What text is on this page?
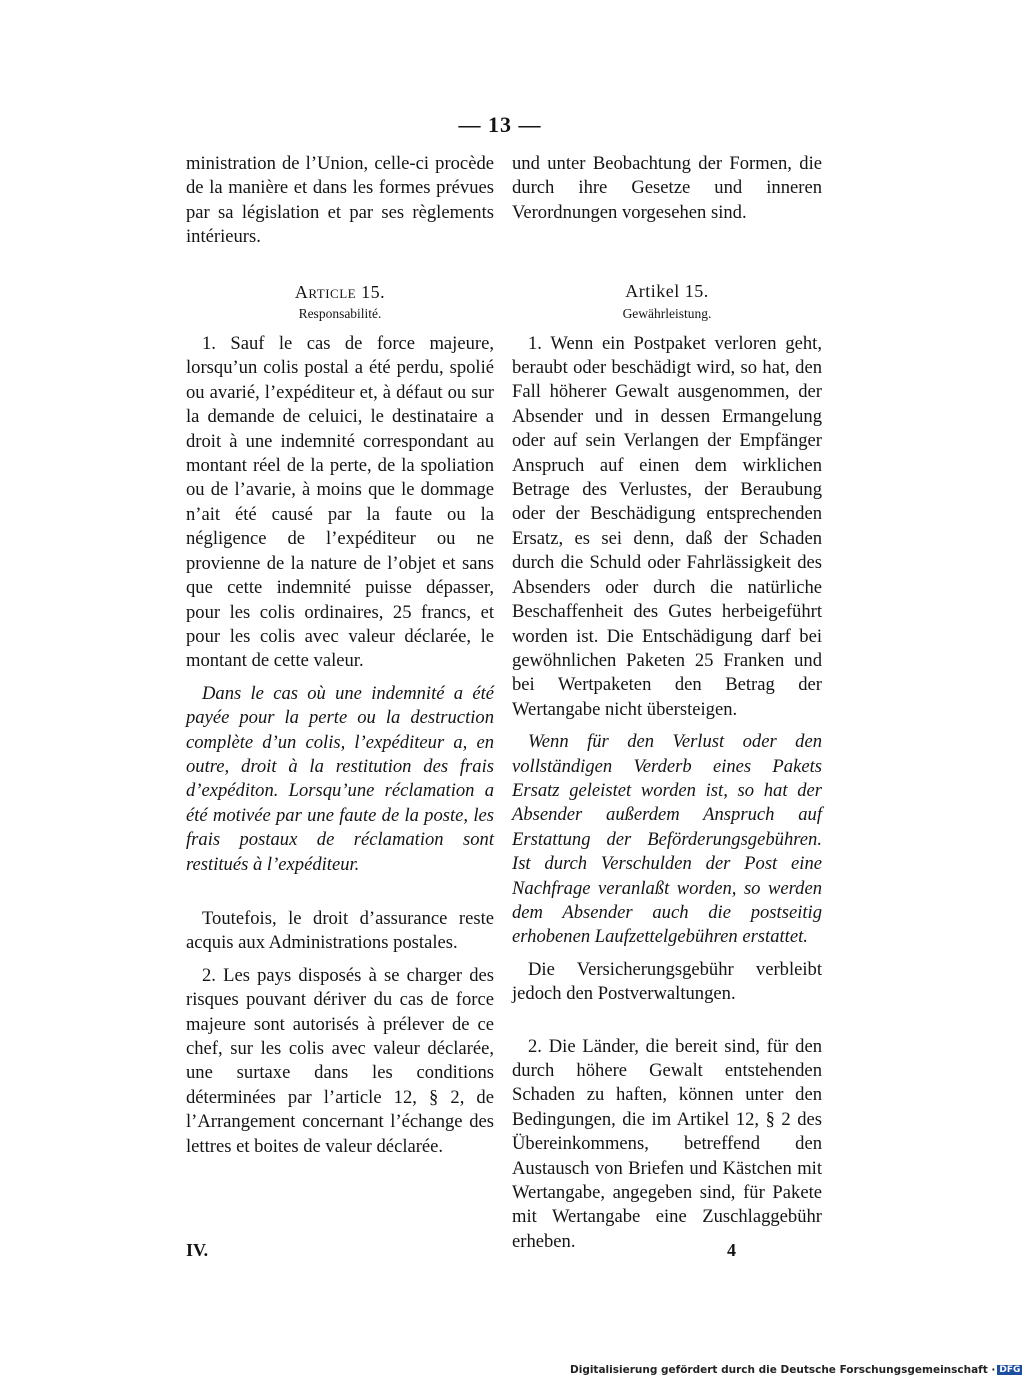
— 13 —

ministration de l’Union, celle-ci procède de la manière et dans les formes prévues par sa législation et par ses règlements intérieurs.

Article 15.

Responsabilité.

1. Sauf le cas de force majeure, lorsqu’un colis postal a été perdu, spolié ou avarié, l’expéditeur et, à défaut ou sur la demande de celuici, le destinataire a droit à une indemnité correspondant au montant réel de la perte, de la spoliation ou de l’avarie, à moins que le dommage n’ait été causé par la faute ou la négligence de l’expéditeur ou ne provienne de la nature de l’objet et sans que cette indemnité puisse dépasser, pour les colis ordinaires, 25 francs, et pour les colis avec valeur déclarée, le montant de cette valeur.

Dans le cas où une indemnité a été payée pour la perte ou la destruction complète d’un colis, l’expéditeur a, en outre, droit à la restitution des frais d’expéditon. Lorsqu’une réclamation a été motivée par une faute de la poste, les frais postaux de réclamation sont restitués à l’expéditeur.

Toutefois, le droit d’assurance reste acquis aux Administrations postales.

2. Les pays disposés à se charger des risques pouvant dériver du cas de force majeure sont autorisés à prélever de ce chef, sur les colis avec valeur déclarée, une surtaxe dans les conditions déterminées par l’article 12, § 2, de l’Arrangement concernant l’échange des lettres et boites de valeur déclarée.

und unter Beobachtung der Formen, die durch ihre Gesetze und inneren Verordnungen vorgesehen sind.

Artikel 15.

Gewährleistung.

1. Wenn ein Postpaket verloren geht, beraubt oder beschädigt wird, so hat, den Fall höherer Gewalt ausgenommen, der Absender und in dessen Ermangelung oder auf sein Verlangen der Empfänger Anspruch auf einen dem wirklichen Betrage des Verlustes, der Beraubung oder der Beschädigung entsprechenden Ersatz, es sei denn, daß der Schaden durch die Schuld oder Fahrlässigkeit des Absenders oder durch die natürliche Beschaffenheit des Gutes herbeigeführt worden ist. Die Entschädigung darf bei gewöhnlichen Paketen 25 Franken und bei Wertpaketen den Betrag der Wertangabe nicht übersteigen.

Wenn für den Verlust oder den vollständigen Verderb eines Pakets Ersatz geleistet worden ist, so hat der Absender außerdem Anspruch auf Erstattung der Beförderungsgebühren. Ist durch Verschulden der Post eine Nachfrage veranlaßt worden, so werden dem Absender auch die postseitig erhobenen Laufzettelgebühren erstattet.

Die Versicherungsgebühr verbleibt jedoch den Postverwaltungen.

2. Die Länder, die bereit sind, für den durch höhere Gewalt entstehenden Schaden zu haften, können unter den Bedingungen, die im Artikel 12, § 2 des Übereinkommens, betreffend den Austausch von Briefen und Kästchen mit Wertangabe, angegeben sind, für Pakete mit Wertangabe eine Zuschlaggebühr erheben.

IV.	4
Digitalisierung gefördert durch die Deutsche Forschungsgemeinschaft · DFG
